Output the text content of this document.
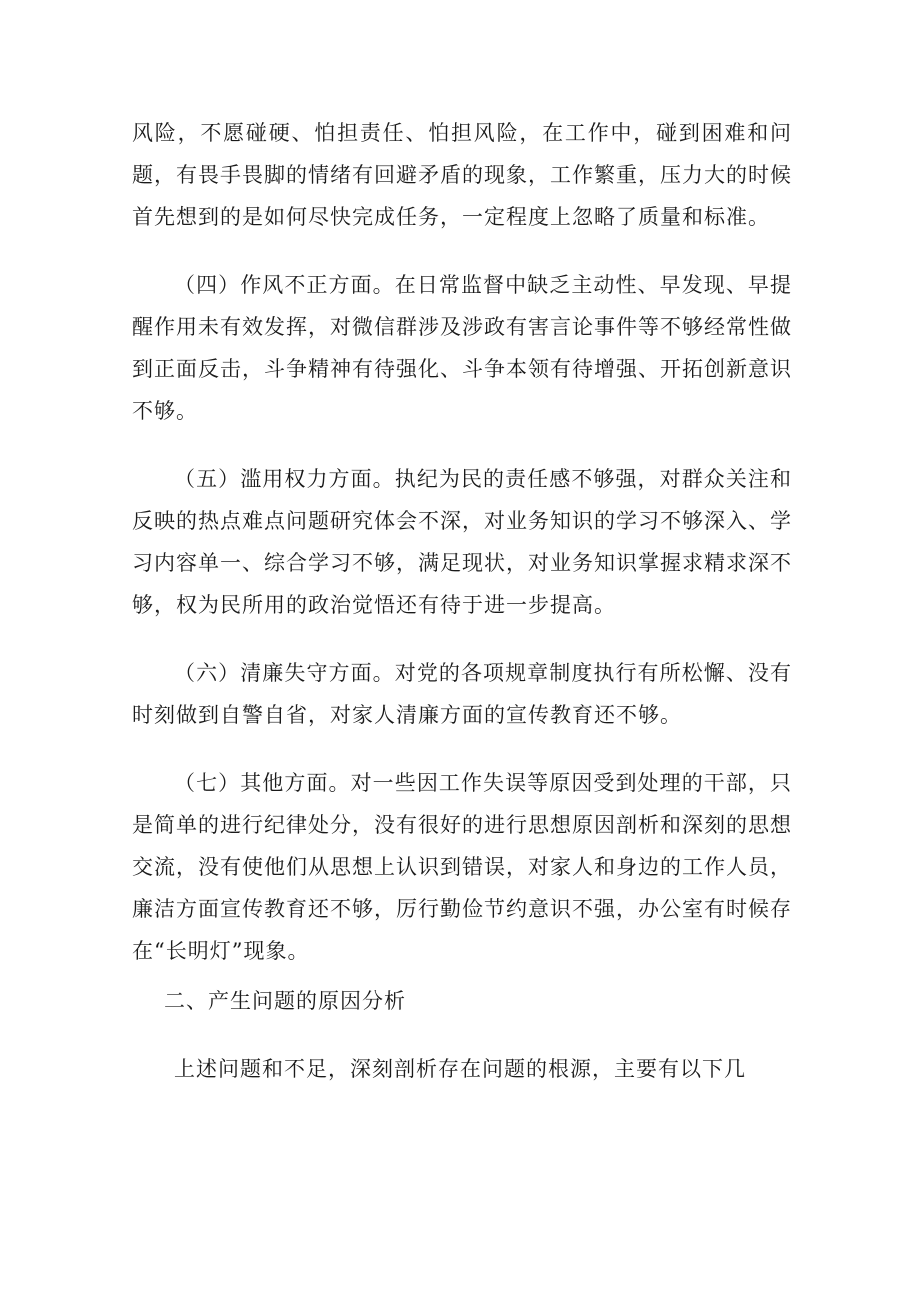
风险，不愿碰硬、怕担责任、怕担风险，在工作中，碰到困难和问题，有畏手畏脚的情绪有回避矛盾的现象，工作繁重，压力大的时候首先想到的是如何尽快完成任务，一定程度上忽略了质量和标准。

（四）作风不正方面。在日常监督中缺乏主动性、早发现、早提醒作用未有效发挥，对微信群涉及涉政有害言论事件等不够经常性做到正面反击，斗争精神有待强化、斗争本领有待增强、开拓创新意识不够。

（五）滥用权力方面。执纪为民的责任感不够强，对群众关注和反映的热点难点问题研究体会不深，对业务知识的学习不够深入、学习内容单一、综合学习不够，满足现状，对业务知识掌握求精求深不够，权为民所用的政治觉悟还有待于进一步提高。

（六）清廉失守方面。对党的各项规章制度执行有所松懈、没有时刻做到自警自省，对家人清廉方面的宣传教育还不够。

（七）其他方面。对一些因工作失误等原因受到处理的干部，只是简单的进行纪律处分，没有很好的进行思想原因剖析和深刻的思想交流，没有使他们从思想上认识到错误，对家人和身边的工作人员，廉洁方面宣传教育还不够，厉行勤俭节约意识不强，办公室有时候存在“长明灯”现象。

二、产生问题的原因分析

上述问题和不足，深刻剖析存在问题的根源，主要有以下几
